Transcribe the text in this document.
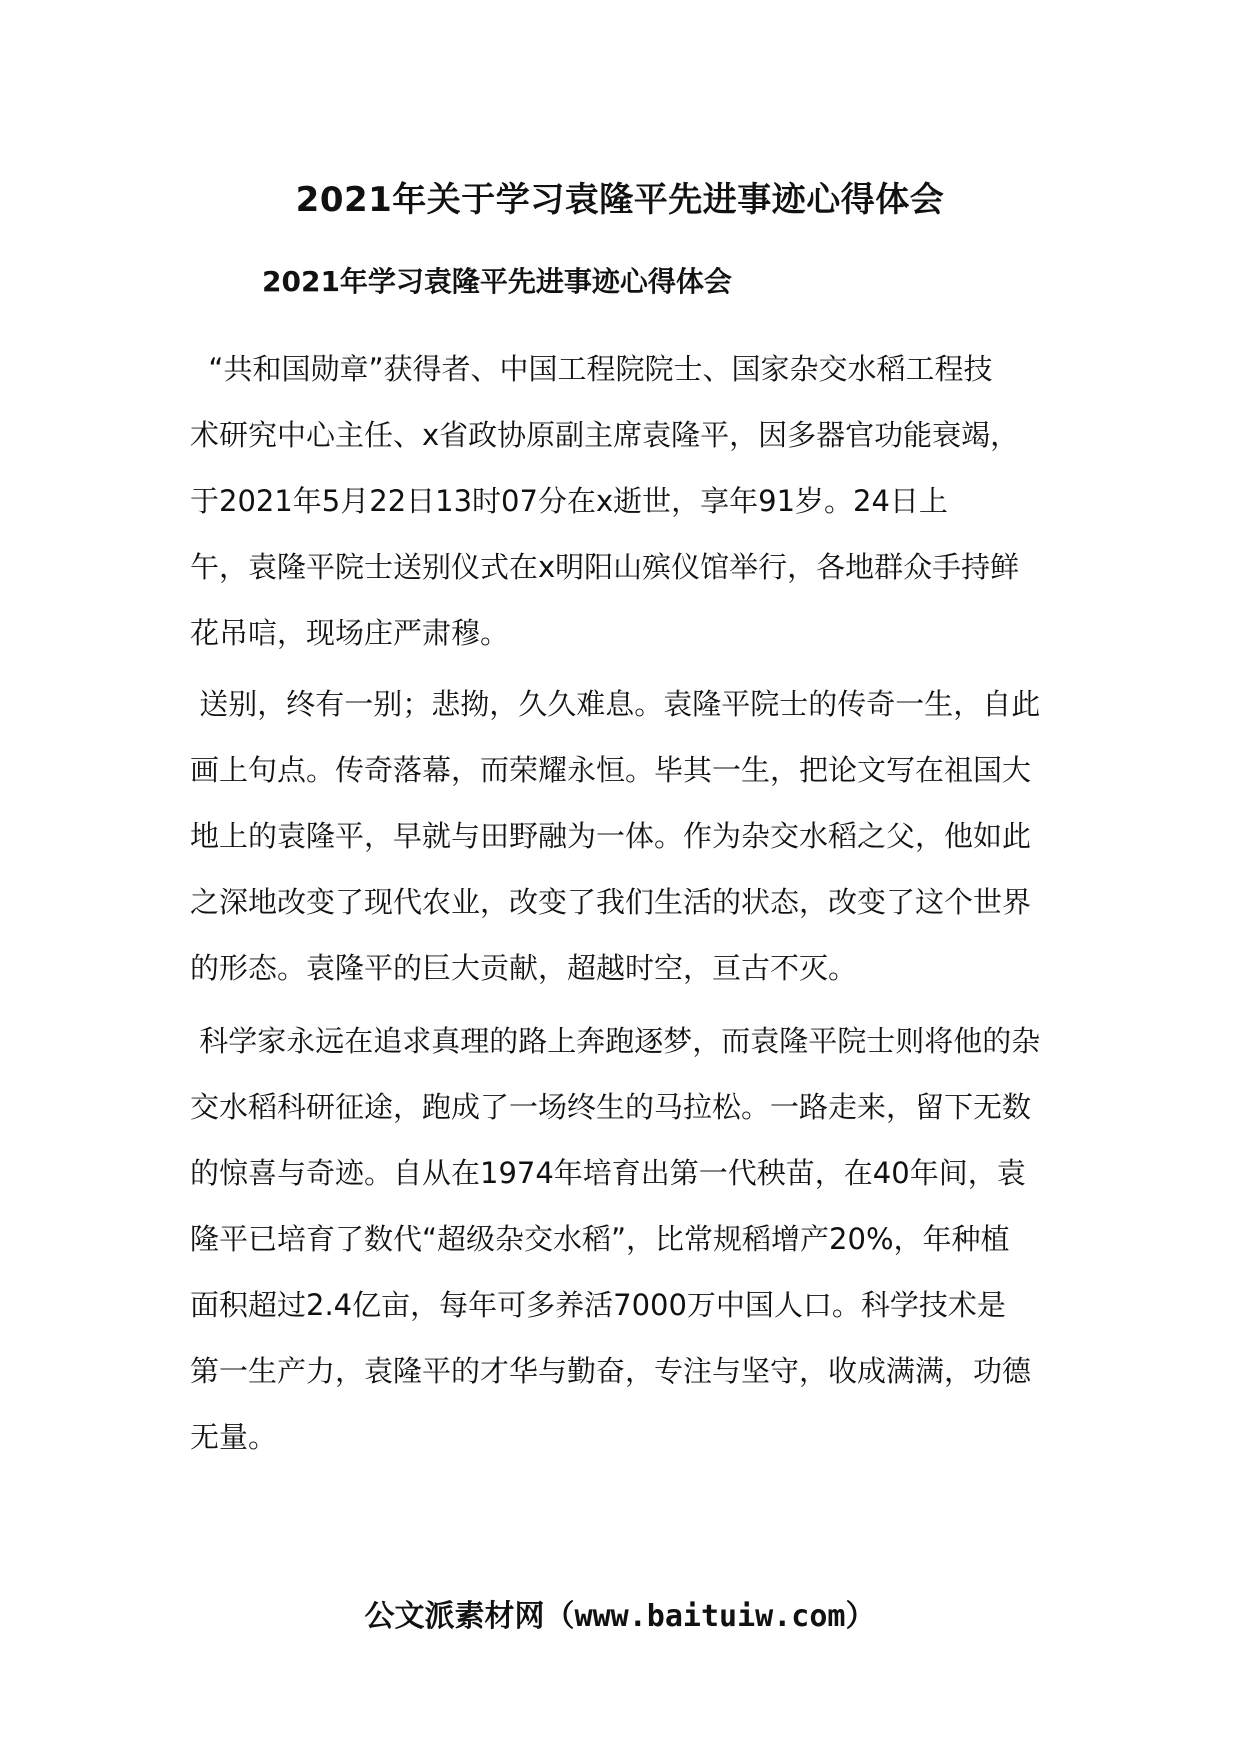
2021年关于学习袁隆平先进事迹心得体会
2021年学习袁隆平先进事迹心得体会
“共和国勋章”获得者、中国工程院院士、国家杂交水稻工程技
术研究中心主任、x省政协原副主席袁隆平，因多器官功能衰竭，
于2021年5月22日13时07分在x逝世，享年91岁。24日上
午，袁隆平院士送别仪式在x明阳山殡仪馆举行，各地群众手持鲜
花吊唁，现场庄严肃穆。
送别，终有一别；悲拗，久久难息。袁隆平院士的传奇一生，自此
画上句点。传奇落幕，而荣耀永恒。毕其一生，把论文写在祖国大
地上的袁隆平，早就与田野融为一体。作为杂交水稻之父，他如此
之深地改变了现代农业，改变了我们生活的状态，改变了这个世界
的形态。袁隆平的巨大贡献，超越时空，亘古不灭。
科学家永远在追求真理的路上奔跑逐梦，而袁隆平院士则将他的杂
交水稻科研征途，跑成了一场终生的马拉松。一路走来，留下无数
的惊喜与奇迹。自从在1974年培育出第一代秧苗，在40年间，袁
隆平已培育了数代“超级杂交水稻”，比常规稻增产20%，年种植
面积超过2.4亿亩，每年可多养活7000万中国人口。科学技术是
第一生产力，袁隆平的才华与勤奋，专注与坚守，收成满满，功德
无量。
公文派素材网（www.baituiw.com）
